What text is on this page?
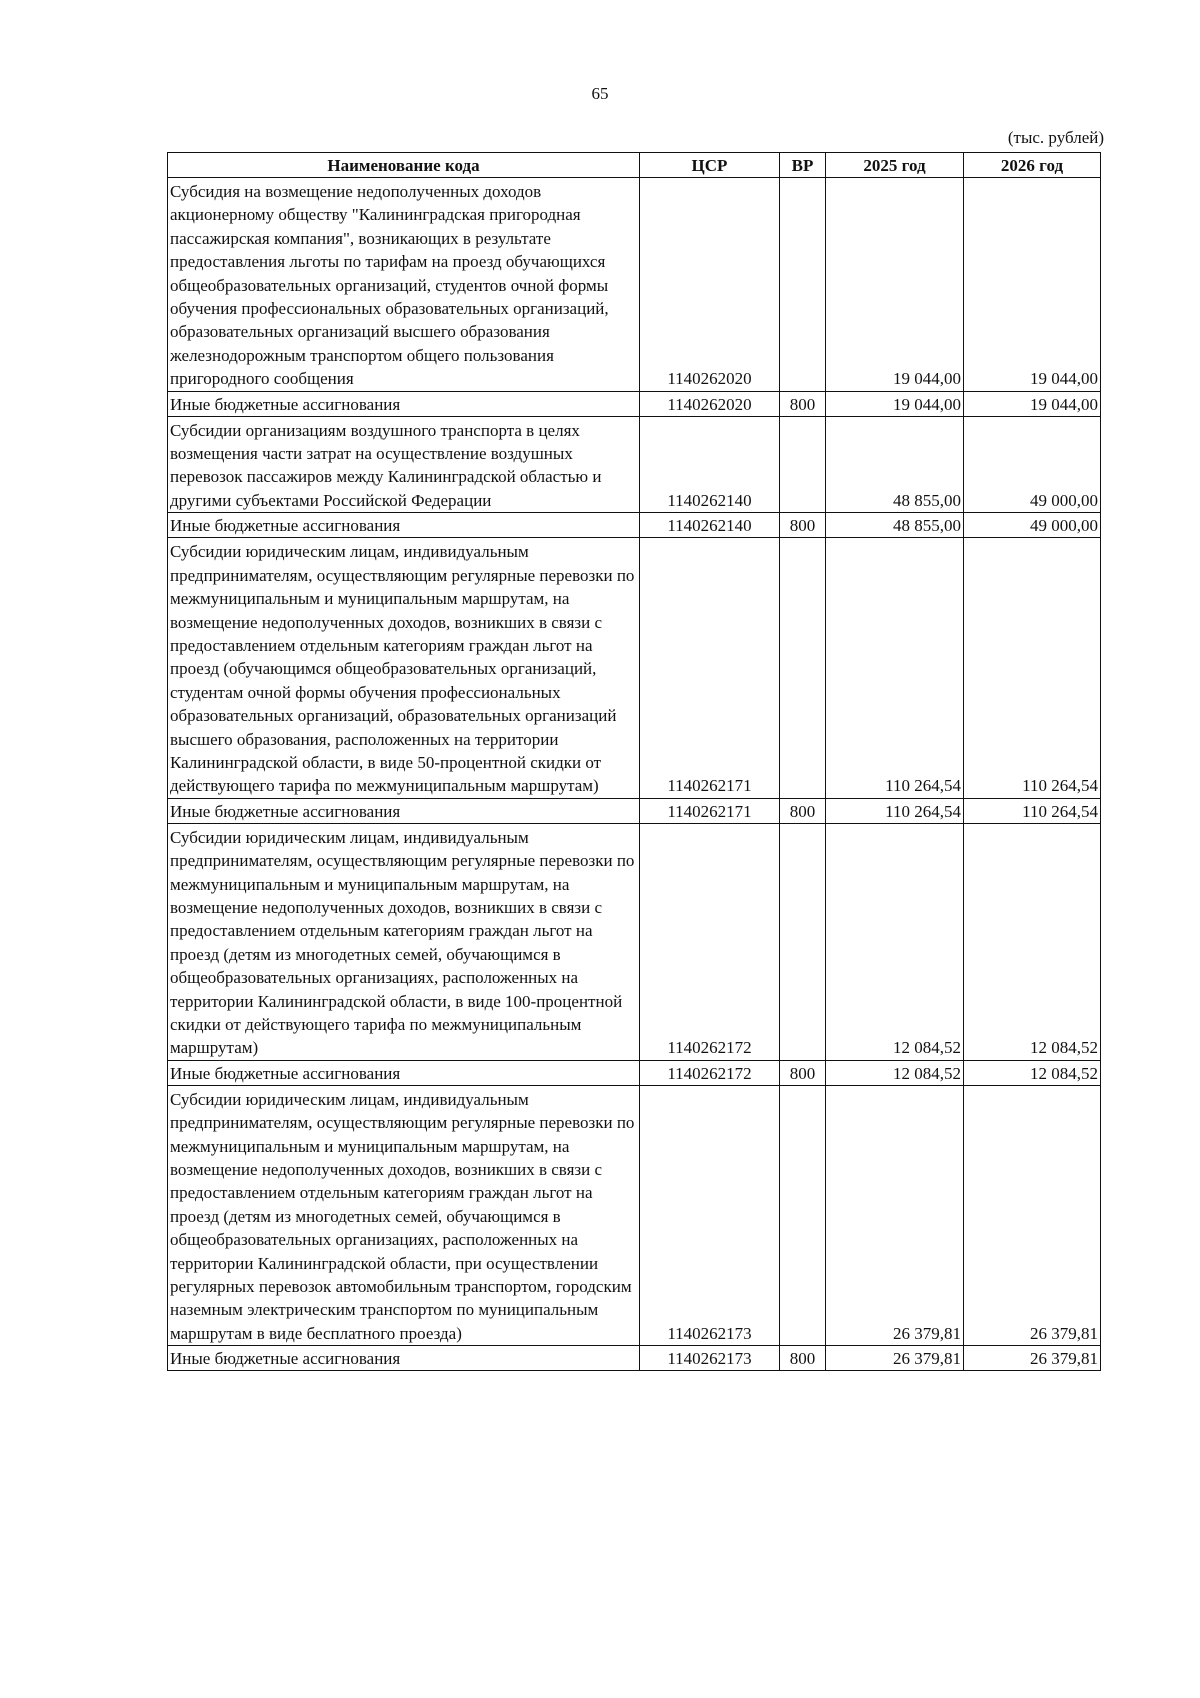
65
(тыс. рублей)
Наименование кода	ЦСР	ВР	2025 год	2026 год
Субсидия на возмещение недополученных доходов акционерному обществу "Калининградская пригородная пассажирская компания", возникающих в результате предоставления льготы по тарифам на проезд обучающихся общеобразовательных организаций, студентов очной формы обучения профессиональных образовательных организаций, образовательных организаций высшего образования железнодорожным транспортом общего пользования пригородного сообщения	1140262020		19 044,00	19 044,00
Иные бюджетные ассигнования	1140262020	800	19 044,00	19 044,00
Субсидии организациям воздушного транспорта в целях возмещения части затрат на осуществление воздушных перевозок пассажиров между Калининградской областью и другими субъектами Российской Федерации	1140262140		48 855,00	49 000,00
Иные бюджетные ассигнования	1140262140	800	48 855,00	49 000,00
Субсидии юридическим лицам, индивидуальным предпринимателям, осуществляющим регулярные перевозки по межмуниципальным и муниципальным маршрутам, на возмещение недополученных доходов, возникших в связи с предоставлением отдельным категориям граждан льгот на проезд (обучающимся общеобразовательных организаций, студентам очной формы обучения профессиональных образовательных организаций, образовательных организаций высшего образования, расположенных на территории Калининградской области, в виде 50-процентной скидки от действующего тарифа по межмуниципальным маршрутам)	1140262171		110 264,54	110 264,54
Иные бюджетные ассигнования	1140262171	800	110 264,54	110 264,54
Субсидии юридическим лицам, индивидуальным предпринимателям, осуществляющим регулярные перевозки по межмуниципальным и муниципальным маршрутам, на возмещение недополученных доходов, возникших в связи с предоставлением отдельным категориям граждан льгот на проезд (детям из многодетных семей, обучающимся в общеобразовательных организациях, расположенных на территории Калининградской области, в виде 100-процентной скидки от действующего тарифа по межмуниципальным маршрутам)	1140262172		12 084,52	12 084,52
Иные бюджетные ассигнования	1140262172	800	12 084,52	12 084,52
Субсидии юридическим лицам, индивидуальным предпринимателям, осуществляющим регулярные перевозки по межмуниципальным и муниципальным маршрутам, на возмещение недополученных доходов, возникших в связи с предоставлением отдельным категориям граждан льгот на проезд (детям из многодетных семей, обучающимся в общеобразовательных организациях, расположенных на территории Калининградской области, при осуществлении регулярных перевозок автомобильным транспортом, городским наземным электрическим транспортом по муниципальным маршрутам в виде бесплатного проезда)	1140262173		26 379,81	26 379,81
Иные бюджетные ассигнования	1140262173	800	26 379,81	26 379,81
